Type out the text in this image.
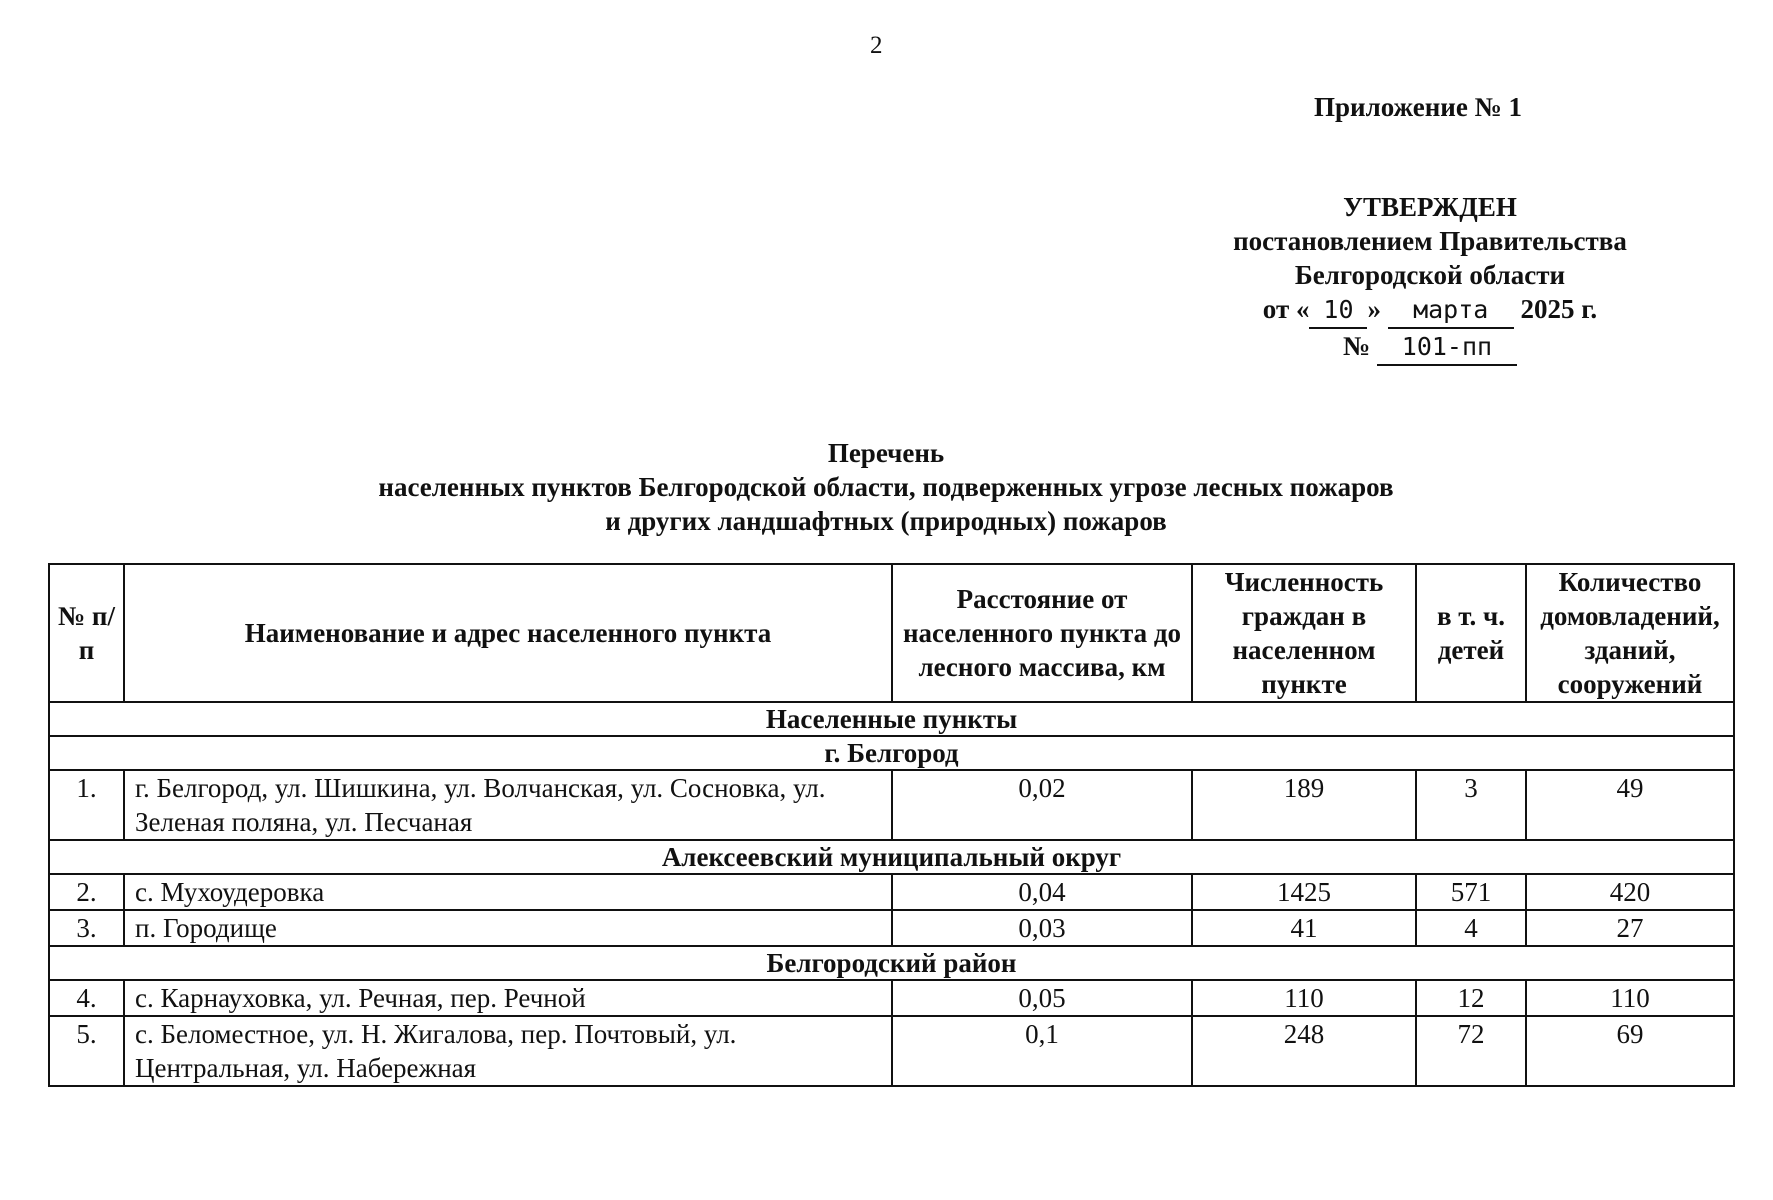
2
Приложение № 1
УТВЕРЖДЕН
постановлением Правительства
Белгородской области
от « 10 » марта 2025 г.
№ 101-пп
Перечень
населенных пунктов Белгородской области, подверженных угрозе лесных пожаров
и других ландшафтных (природных) пожаров
№ п/п	Наименование и адрес населенного пункта	Расстояние от населенного пункта до лесного массива, км	Численность граждан в населенном пункте	в т. ч. детей	Количество домовладений, зданий, сооружений
Населенные пункты					
г. Белгород					
1.	г. Белгород, ул. Шишкина, ул. Волчанская, ул. Сосновка, ул. Зеленая поляна, ул. Песчаная	0,02	189	3	49
Алексеевский муниципальный округ					
2.	с. Мухоудеровка	0,04	1425	571	420
3.	п. Городище	0,03	41	4	27
Белгородский район					
4.	с. Карнауховка, ул. Речная, пер. Речной	0,05	110	12	110
5.	с. Беломестное, ул. Н. Жигалова, пер. Почтовый, ул. Центральная, ул. Набережная	0,1	248	72	69
